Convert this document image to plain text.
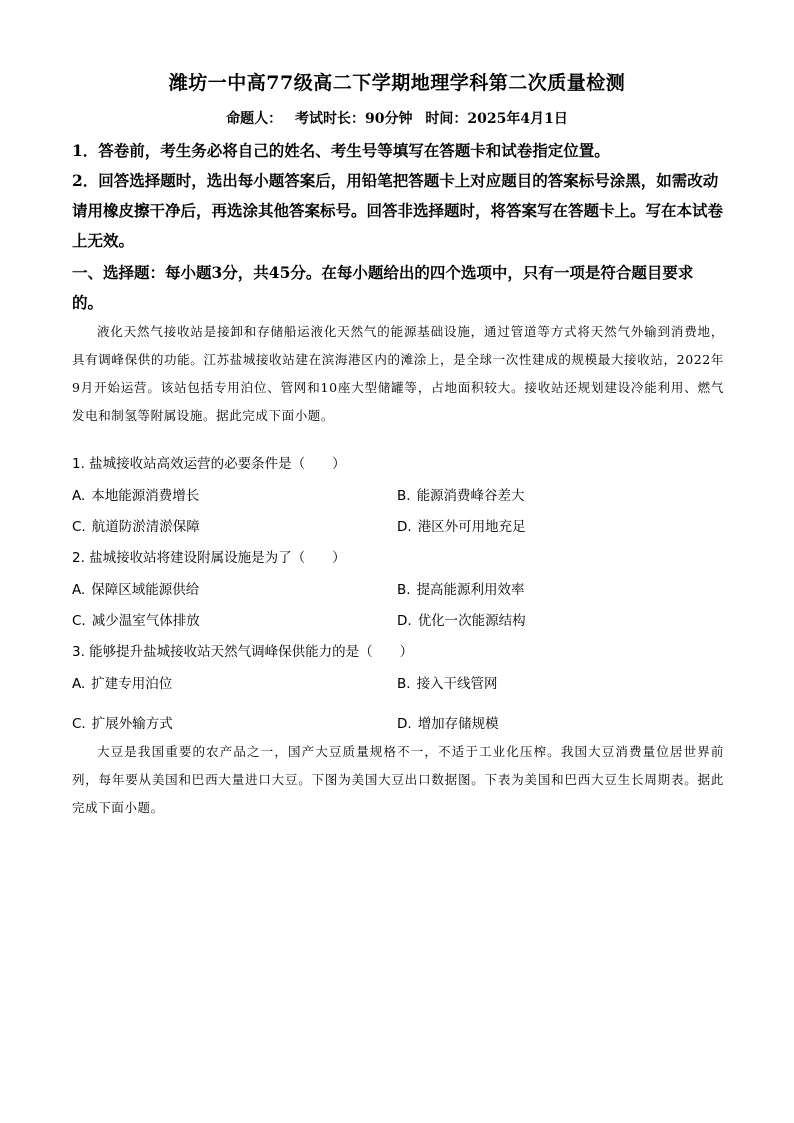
潍坊一中高77级高二下学期地理学科第二次质量检测
命题人： 考试时长：90分钟 时间：2025年4月1日
1．答卷前，考生务必将自己的姓名、考生号等填写在答题卡和试卷指定位置。
2．回答选择题时，选出每小题答案后，用铅笔把答题卡上对应题目的答案标号涂黑，如需改动请用橡皮擦干净后，再选涂其他答案标号。回答非选择题时，将答案写在答题卡上。写在本试卷上无效。
一、选择题：每小题3分，共45分。在每小题给出的四个选项中，只有一项是符合题目要求的。
液化天然气接收站是接卸和存储船运液化天然气的能源基础设施，通过管道等方式将天然气外输到消费地，具有调峰保供的功能。江苏盐城接收站建在滨海港区内的滩涂上，是全球一次性建成的规模最大接收站，2022年9月开始运营。该站包括专用泊位、管网和10座大型储罐等，占地面积较大。接收站还规划建设冷能利用、燃气发电和制氢等附属设施。据此完成下面小题。
1. 盐城接收站高效运营的必要条件是（　　）
A. 本地能源消费增长	B. 能源消费峰谷差大
C. 航道防淤清淤保障	D. 港区外可用地充足
2. 盐城接收站将建设附属设施是为了（　　）
A. 保障区域能源供给	B. 提高能源利用效率
C. 减少温室气体排放	D. 优化一次能源结构
3. 能够提升盐城接收站天然气调峰保供能力的是（　　）
A. 扩建专用泊位	B. 接入干线管网
C. 扩展外输方式	D. 增加存储规模
大豆是我国重要的农产品之一，国产大豆质量规格不一，不适于工业化压榨。我国大豆消费量位居世界前列，每年要从美国和巴西大量进口大豆。下图为美国大豆出口数据图。下表为美国和巴西大豆生长周期表。据此完成下面小题。
